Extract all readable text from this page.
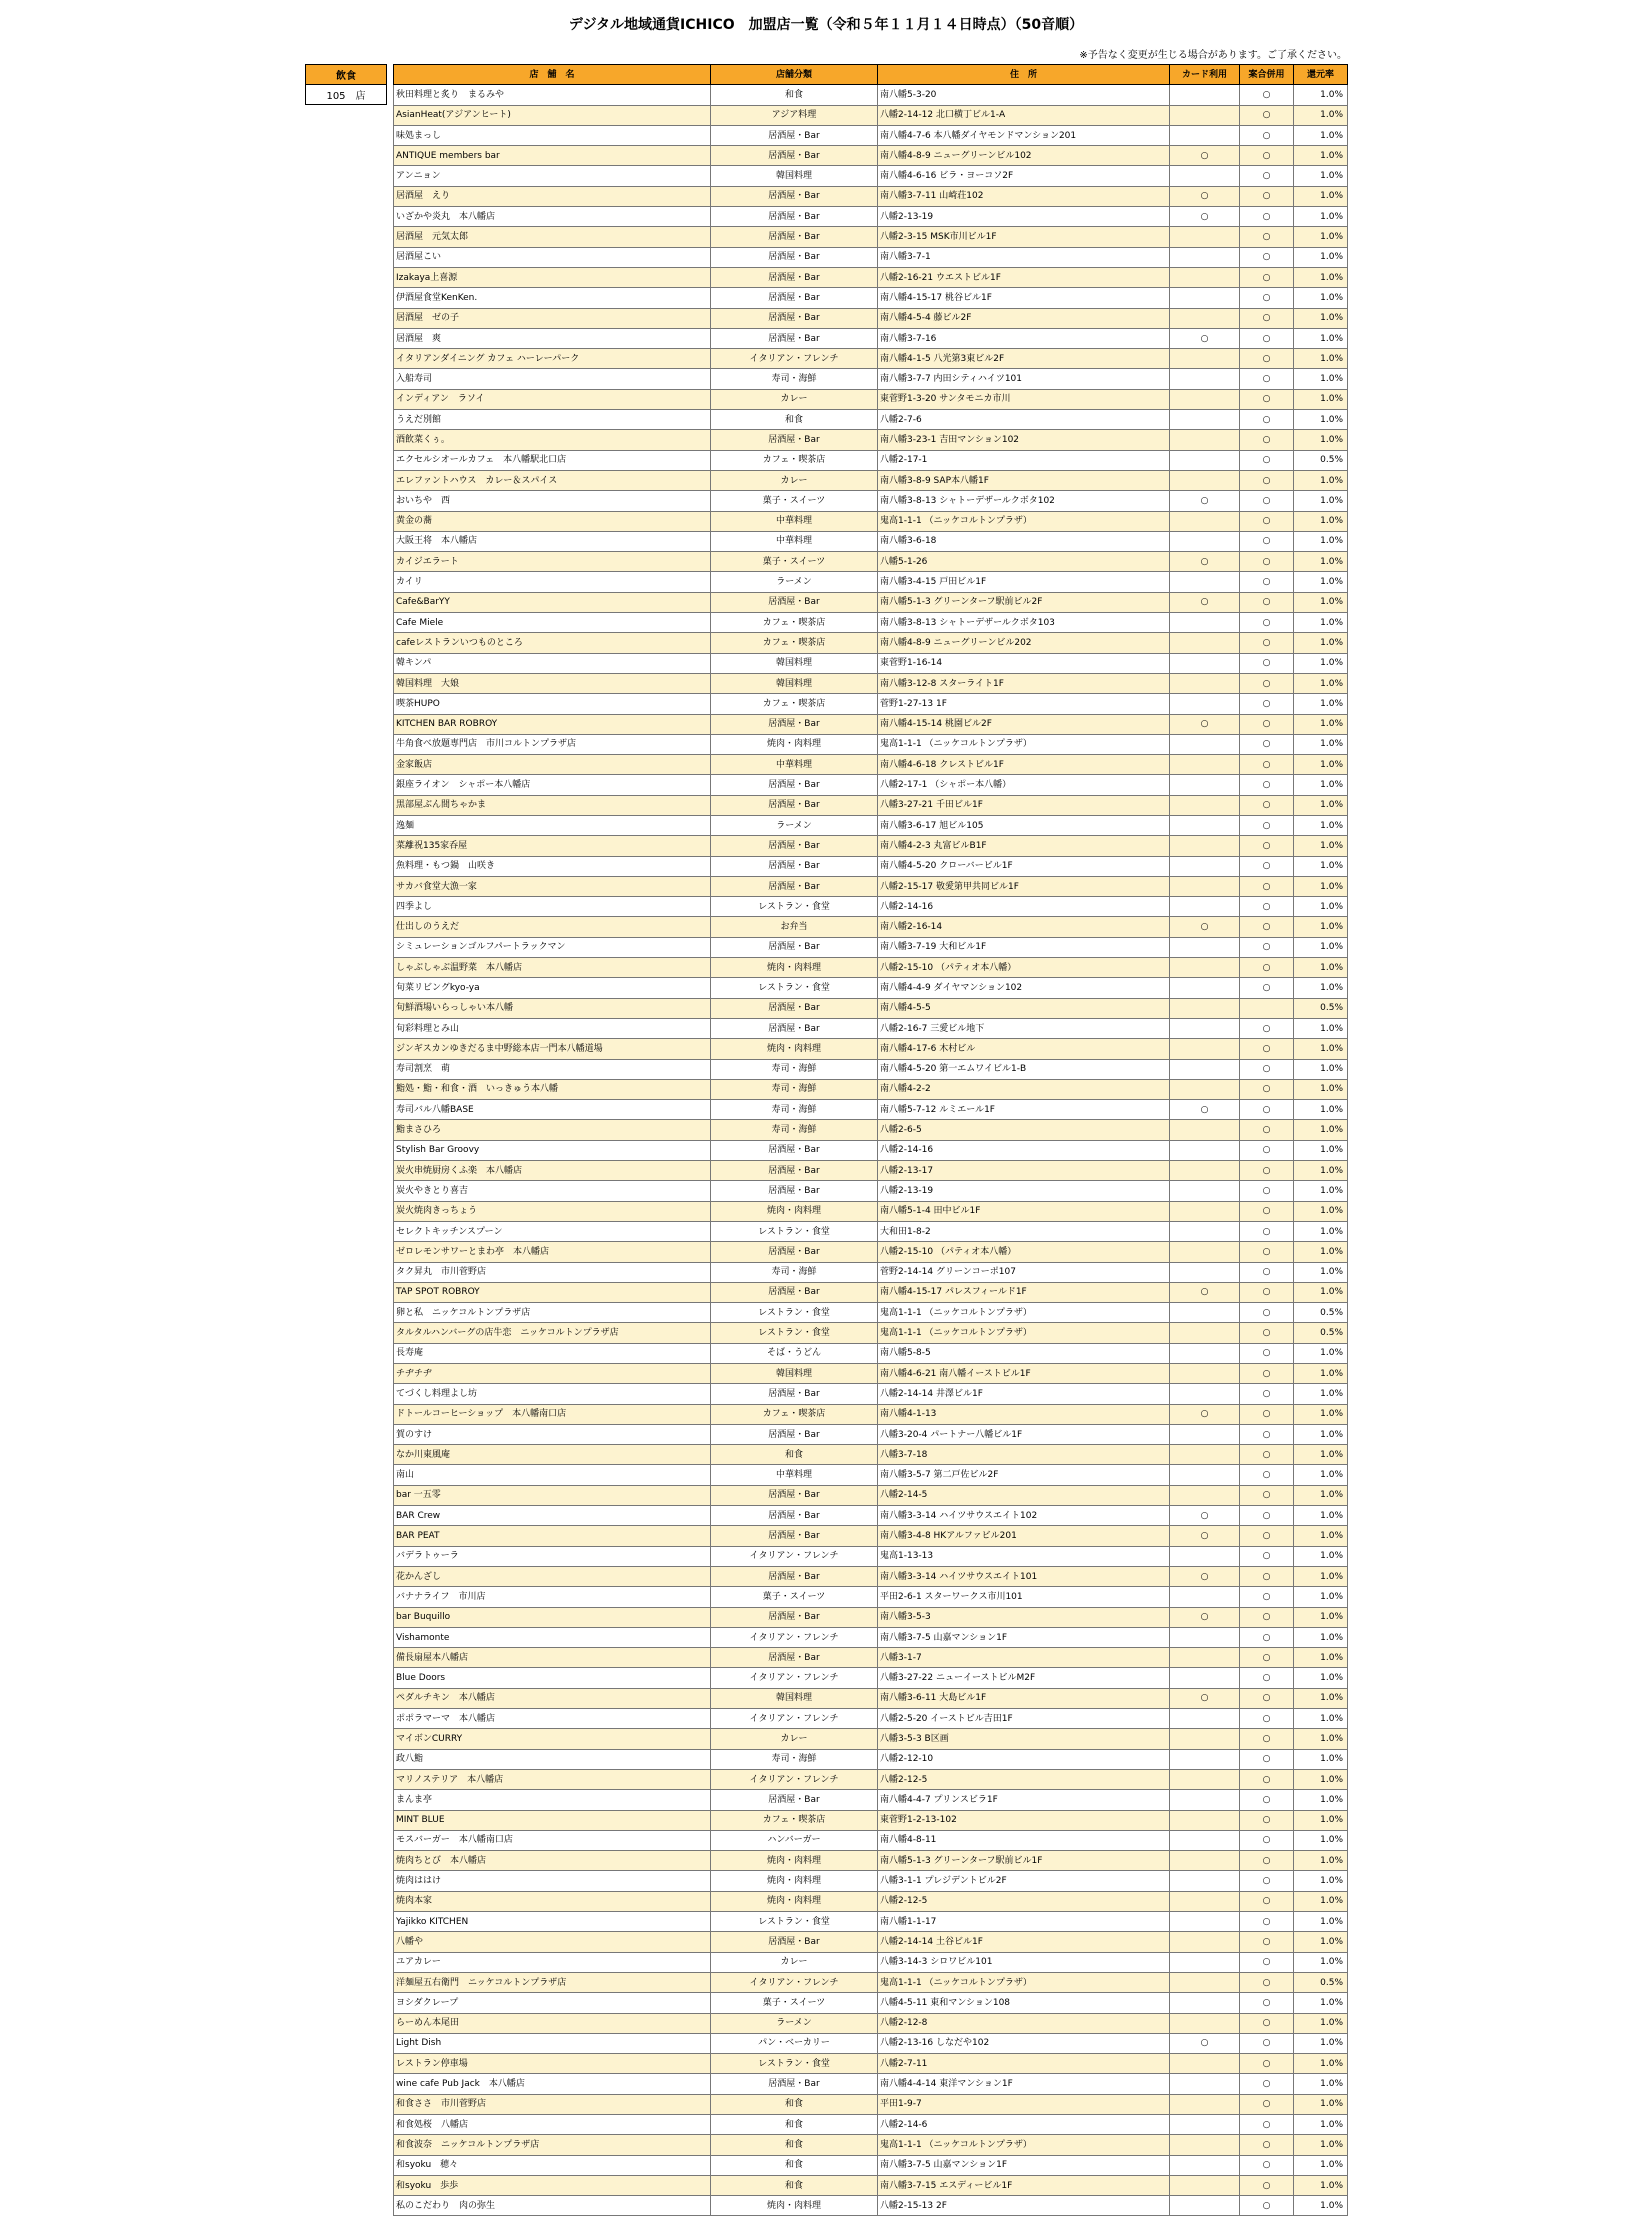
デジタル地域通貨ICHICO　加盟店一覧（令和５年１１月１４日時点）（50音順）
※予告なく変更が生じる場合があります。ご了承ください。
飲食
105　店
店　舗　名	店舗分類	住　所	カード利用	案合併用	還元率
秋田料理と炙り　まるみや	和食	南八幡5-3-20		○	1.0%
AsianHeat(アジアンヒート)	アジア料理	八幡2-14-12 北口横丁ビル1-A		○	1.0%
味処まっし	居酒屋・Bar	南八幡4-7-6 本八幡ダイヤモンドマンション201		○	1.0%
ANTIQUE members bar	居酒屋・Bar	南八幡4-8-9 ニューグリーンビル102	○	○	1.0%
アンニョン	韓国料理	南八幡4-6-16 ビラ・ヨーコソ2F		○	1.0%
居酒屋　えり	居酒屋・Bar	南八幡3-7-11 山崎荘102	○	○	1.0%
いざかや炎丸　本八幡店	居酒屋・Bar	八幡2-13-19	○	○	1.0%
居酒屋　元気太郎	居酒屋・Bar	八幡2-3-15 MSK市川ビル1F		○	1.0%
居酒屋こい	居酒屋・Bar	南八幡3-7-1		○	1.0%
Izakaya上喜源	居酒屋・Bar	八幡2-16-21 ウエストビル1F		○	1.0%
伊酒屋食堂KenKen.	居酒屋・Bar	南八幡4-15-17 桃谷ビル1F		○	1.0%
居酒屋　ゼの子	居酒屋・Bar	南八幡4-5-4 藤ビル2F		○	1.0%
居酒屋　爽	居酒屋・Bar	南八幡3-7-16	○	○	1.0%
イタリアンダイニング カフェ ハーレーパーク	イタリアン・フレンチ	南八幡4-1-5 八光第3東ビル2F		○	1.0%
入船寿司	寿司・海鮮	南八幡3-7-7 内田シティハイツ101		○	1.0%
インディアン　ラソイ	カレー	東菅野1-3-20 サンタモニカ市川		○	1.0%
うえだ別館	和食	八幡2-7-6		○	1.0%
酒飲菜くぅ。	居酒屋・Bar	南八幡3-23-1 吉田マンション102		○	1.0%
エクセルシオールカフェ　本八幡駅北口店	カフェ・喫茶店	八幡2-17-1		○	0.5%
エレファントハウス　カレー＆スパイス	カレー	南八幡3-8-9 SAP本八幡1F		○	1.0%
おいちや　西	菓子・スイーツ	南八幡3-8-13 シャトーデザールクボタ102	○	○	1.0%
黄金の蕎	中華料理	鬼高1-1-1 （ニッケコルトンプラザ）		○	1.0%
大阪王将　本八幡店	中華料理	南八幡3-6-18		○	1.0%
カイジエラート	菓子・スイーツ	八幡5-1-26	○	○	1.0%
カイリ	ラーメン	南八幡3-4-15 戸田ビル1F		○	1.0%
Cafe&BarYY	居酒屋・Bar	南八幡5-1-3 グリーンターフ駅前ビル2F	○	○	1.0%
Cafe Miele	カフェ・喫茶店	南八幡3-8-13 シャトーデザールクボタ103		○	1.0%
cafeレストランいつものところ	カフェ・喫茶店	南八幡4-8-9 ニューグリーンビル202		○	1.0%
韓キンパ	韓国料理	東菅野1-16-14		○	1.0%
韓国料理　大娘	韓国料理	南八幡3-12-8 スターライト1F		○	1.0%
喫茶HUPO	カフェ・喫茶店	菅野1-27-13 1F		○	1.0%
KITCHEN BAR ROBROY	居酒屋・Bar	南八幡4-15-14 桃園ビル2F	○	○	1.0%
牛角食べ放題専門店　市川コルトンプラザ店	焼肉・肉料理	鬼高1-1-1 （ニッケコルトンプラザ）		○	1.0%
金家飯店	中華料理	南八幡4-6-18 クレストビル1F		○	1.0%
銀座ライオン　シャポー本八幡店	居酒屋・Bar	八幡2-17-1 （シャポー本八幡）		○	1.0%
黒部屋ぶん間ちゃかま	居酒屋・Bar	八幡3-27-21 千田ビル1F		○	1.0%
逸麺	ラーメン	南八幡3-6-17 旭ビル105		○	1.0%
菜離祝135家呑屋	居酒屋・Bar	南八幡4-2-3 丸富ビルB1F		○	1.0%
魚料理・もつ鍋　山咲き	居酒屋・Bar	南八幡4-5-20 クローバービル1F		○	1.0%
サカバ食堂大漁一家	居酒屋・Bar	八幡2-15-17 敬愛第甲共同ビル1F		○	1.0%
四季よし	レストラン・食堂	八幡2-14-16		○	1.0%
仕出しのうえだ	お弁当	南八幡2-16-14	○	○	1.0%
シミュレーションゴルフパートラックマン	居酒屋・Bar	南八幡3-7-19 大和ビル1F		○	1.0%
しゃぶしゃぶ温野菜　本八幡店	焼肉・肉料理	八幡2-15-10 （パティオ本八幡）		○	1.0%
旬菜リビングkyo-ya	レストラン・食堂	南八幡4-4-9 ダイヤマンション102		○	1.0%
旬鮮酒場いらっしゃい本八幡	居酒屋・Bar	南八幡4-5-5			0.5%
旬彩料理とみ山	居酒屋・Bar	八幡2-16-7 三愛ビル地下		○	1.0%
ジンギスカンゆきだるま中野総本店一門本八幡道場	焼肉・肉料理	南八幡4-17-6 木村ビル		○	1.0%
寿司割烹　萌	寿司・海鮮	南八幡4-5-20 第一エムワイビル1-B		○	1.0%
鮨処・鮨・和食・酒　いっきゅう本八幡	寿司・海鮮	南八幡4-2-2		○	1.0%
寿司バル八幡BASE	寿司・海鮮	南八幡5-7-12 ルミエール1F	○	○	1.0%
鮨まさひろ	寿司・海鮮	八幡2-6-5		○	1.0%
Stylish Bar Groovy	居酒屋・Bar	八幡2-14-16		○	1.0%
炭火串焼厨房くふ楽　本八幡店	居酒屋・Bar	八幡2-13-17		○	1.0%
炭火やきとり喜吉	居酒屋・Bar	八幡2-13-19		○	1.0%
炭火焼肉きっちょう	焼肉・肉料理	南八幡5-1-4 田中ビル1F		○	1.0%
セレクトキッチンスプーン	レストラン・食堂	大和田1-8-2		○	1.0%
ゼロレモンサワーとまわ亭　本八幡店	居酒屋・Bar	八幡2-15-10 （パティオ本八幡）		○	1.0%
タク昇丸　市川菅野店	寿司・海鮮	菅野2-14-14 グリーンコーポ107		○	1.0%
TAP SPOT ROBROY	居酒屋・Bar	南八幡4-15-17 パレスフィールド1F	○	○	1.0%
卵と私　ニッケコルトンプラザ店	レストラン・食堂	鬼高1-1-1 （ニッケコルトンプラザ）		○	0.5%
タルタルハンバーグの店牛恋　ニッケコルトンプラザ店	レストラン・食堂	鬼高1-1-1 （ニッケコルトンプラザ）		○	0.5%
長寿庵	そば・うどん	南八幡5-8-5		○	1.0%
チヂチヂ	韓国料理	南八幡4-6-21 南八幡イーストビル1F		○	1.0%
てづくし料理よし坊	居酒屋・Bar	八幡2-14-14 井澤ビル1F		○	1.0%
ドトールコーヒーショップ　本八幡南口店	カフェ・喫茶店	南八幡4-1-13	○	○	1.0%
賀のすけ	居酒屋・Bar	八幡3-20-4 パートナー八幡ビル1F		○	1.0%
なか川東風庵	和食	八幡3-7-18		○	1.0%
南山	中華料理	南八幡3-5-7 第二戸佐ビル2F		○	1.0%
bar 一五零	居酒屋・Bar	八幡2-14-5		○	1.0%
BAR Crew	居酒屋・Bar	南八幡3-3-14 ハイツサウスエイト102	○	○	1.0%
BAR PEAT	居酒屋・Bar	南八幡3-4-8 HKアルファビル201	○	○	1.0%
バデラトゥーラ	イタリアン・フレンチ	鬼高1-13-13		○	1.0%
花かんざし	居酒屋・Bar	南八幡3-3-14 ハイツサウスエイト101	○	○	1.0%
バナナライフ　市川店	菓子・スイーツ	平田2-6-1 スターワークス市川101		○	1.0%
bar Buquillo	居酒屋・Bar	南八幡3-5-3	○	○	1.0%
Vishamonte	イタリアン・フレンチ	南八幡3-7-5 山嘉マンション1F		○	1.0%
備長扇屋本八幡店	居酒屋・Bar	八幡3-1-7		○	1.0%
Blue Doors	イタリアン・フレンチ	八幡3-27-22 ニューイーストビルM2F		○	1.0%
ペダルチキン　本八幡店	韓国料理	南八幡3-6-11 大島ビル1F	○	○	1.0%
ポポラマーマ　本八幡店	イタリアン・フレンチ	八幡2-5-20 イーストビル吉田1F		○	1.0%
マイボンCURRY	カレー	八幡3-5-3 B区画		○	1.0%
政八鮨	寿司・海鮮	八幡2-12-10		○	1.0%
マリノステリア　本八幡店	イタリアン・フレンチ	八幡2-12-5		○	1.0%
まんま亭	居酒屋・Bar	南八幡4-4-7 プリンスビラ1F		○	1.0%
MINT BLUE	カフェ・喫茶店	東菅野1-2-13-102		○	1.0%
モスバーガー　本八幡南口店	ハンバーガー	南八幡4-8-11		○	1.0%
焼肉ちとび　本八幡店	焼肉・肉料理	南八幡5-1-3 グリーンターフ駅前ビル1F		○	1.0%
焼肉ははけ	焼肉・肉料理	八幡3-1-1 プレジデントビル2F		○	1.0%
焼肉本家	焼肉・肉料理	八幡2-12-5		○	1.0%
Yajikko KITCHEN	レストラン・食堂	南八幡1-1-17		○	1.0%
八幡や	居酒屋・Bar	八幡2-14-14 土谷ビル1F		○	1.0%
ユアカレー	カレー	八幡3-14-3 シロワビル101		○	1.0%
洋麺屋五右衛門　ニッケコルトンプラザ店	イタリアン・フレンチ	鬼高1-1-1 （ニッケコルトンプラザ）		○	0.5%
ヨシダクレープ	菓子・スイーツ	八幡4-5-11 東和マンション108		○	1.0%
らーめん本尾田	ラーメン	八幡2-12-8		○	1.0%
Light Dish	パン・ベーカリー	八幡2-13-16 しなだや102	○	○	1.0%
レストラン停車場	レストラン・食堂	八幡2-7-11		○	1.0%
wine cafe Pub Jack　本八幡店	居酒屋・Bar	南八幡4-4-14 東洋マンション1F		○	1.0%
和食ささ　市川菅野店	和食	平田1-9-7		○	1.0%
和食処桜　八幡店	和食	八幡2-14-6		○	1.0%
和食波奈　ニッケコルトンプラザ店	和食	鬼高1-1-1 （ニッケコルトンプラザ）		○	1.0%
和syoku　穂々	和食	南八幡3-7-5 山嘉マンション1F		○	1.0%
和syoku　歩歩	和食	南八幡3-7-15 エスディービル1F		○	1.0%
私のこだわり　肉の弥生	焼肉・肉料理	八幡2-15-13 2F		○	1.0%
